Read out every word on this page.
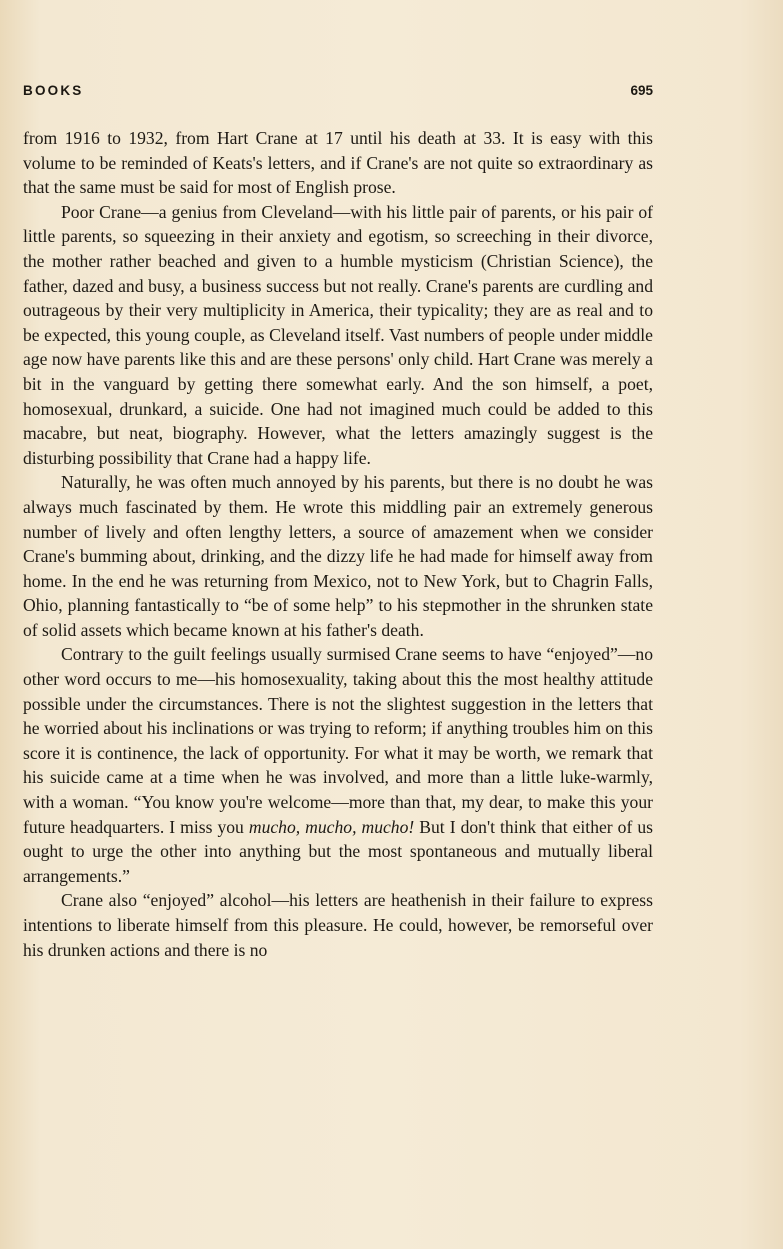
BOOKS	695

from 1916 to 1932, from Hart Crane at 17 until his death at 33. It is easy with this volume to be reminded of Keats's letters, and if Crane's are not quite so extraordinary as that the same must be said for most of English prose.

Poor Crane—a genius from Cleveland—with his little pair of parents, or his pair of little parents, so squeezing in their anxiety and egotism, so screeching in their divorce, the mother rather beached and given to a humble mysticism (Christian Science), the father, dazed and busy, a business success but not really. Crane's parents are curdling and outrageous by their very multiplicity in America, their typicality; they are as real and to be expected, this young couple, as Cleveland itself. Vast numbers of people under middle age now have parents like this and are these persons' only child. Hart Crane was merely a bit in the vanguard by getting there somewhat early. And the son himself, a poet, homosexual, drunkard, a suicide. One had not imagined much could be added to this macabre, but neat, biography. However, what the letters amazingly suggest is the disturbing possibility that Crane had a happy life.

Naturally, he was often much annoyed by his parents, but there is no doubt he was always much fascinated by them. He wrote this middling pair an extremely generous number of lively and often lengthy letters, a source of amazement when we consider Crane's bumming about, drinking, and the dizzy life he had made for himself away from home. In the end he was returning from Mexico, not to New York, but to Chagrin Falls, Ohio, planning fantastically to “be of some help” to his stepmother in the shrunken state of solid assets which became known at his father's death.

Contrary to the guilt feelings usually surmised Crane seems to have “enjoyed”—no other word occurs to me—his homosexuality, taking about this the most healthy attitude possible under the circumstances. There is not the slightest suggestion in the letters that he worried about his inclinations or was trying to reform; if anything troubles him on this score it is continence, the lack of opportunity. For what it may be worth, we remark that his suicide came at a time when he was involved, and more than a little luke-warmly, with a woman. “You know you're welcome—more than that, my dear, to make this your future headquarters. I miss you mucho, mucho, mucho! But I don't think that either of us ought to urge the other into anything but the most spontaneous and mutually liberal arrangements.”

Crane also “enjoyed” alcohol—his letters are heathenish in their failure to express intentions to liberate himself from this pleasure. He could, however, be remorseful over his drunken actions and there is no
